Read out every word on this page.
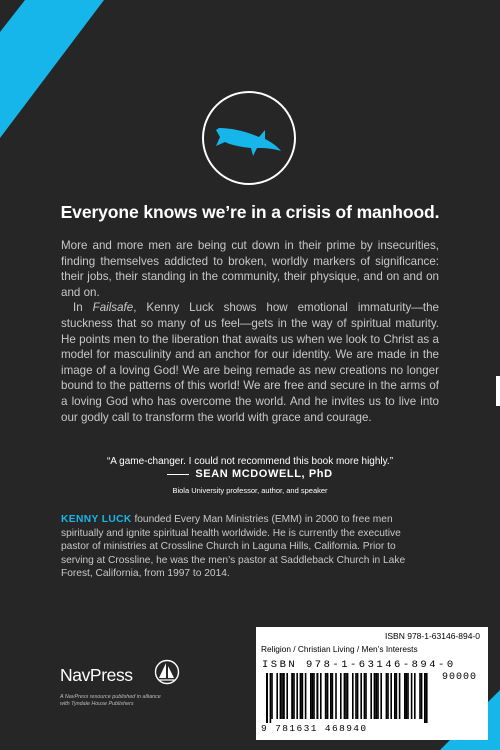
Everyone knows we’re in a crisis of manhood.

More and more men are being cut down in their prime by insecurities, finding themselves addicted to broken, worldly markers of significance: their jobs, their standing in the community, their physique, and on and on and on.

In Failsafe, Kenny Luck shows how emotional immaturity—the stuckness that so many of us feel—gets in the way of spiritual maturity. He points men to the liberation that awaits us when we look to Christ as a model for masculinity and an anchor for our identity. We are made in the image of a loving God! We are being remade as new creations no longer bound to the patterns of this world! We are free and secure in the arms of a loving God who has overcome the world. And he invites us to live into our godly call to transform the world with grace and courage.

“A game-changer. I could not recommend this book more highly.”
SEAN MCDOWELL, PhD
Biola University professor, author, and speaker
KENNY LUCK founded Every Man Ministries (EMM) in 2000 to free men spiritually and ignite spiritual health worldwide. He is currently the executive pastor of ministries at Crossline Church in Laguna Hills, California. Prior to serving at Crossline, he was the men’s pastor at Saddleback Church in Lake Forest, California, from 1997 to 2014.
ISBN 978-1-63146-894-0
Religion / Christian Living / Men’s Interests
ISBN 978-1-63146-894-0
90000
9 781631 468940
NavPress
A NavPress resource published in alliance
with Tyndale House Publishers
